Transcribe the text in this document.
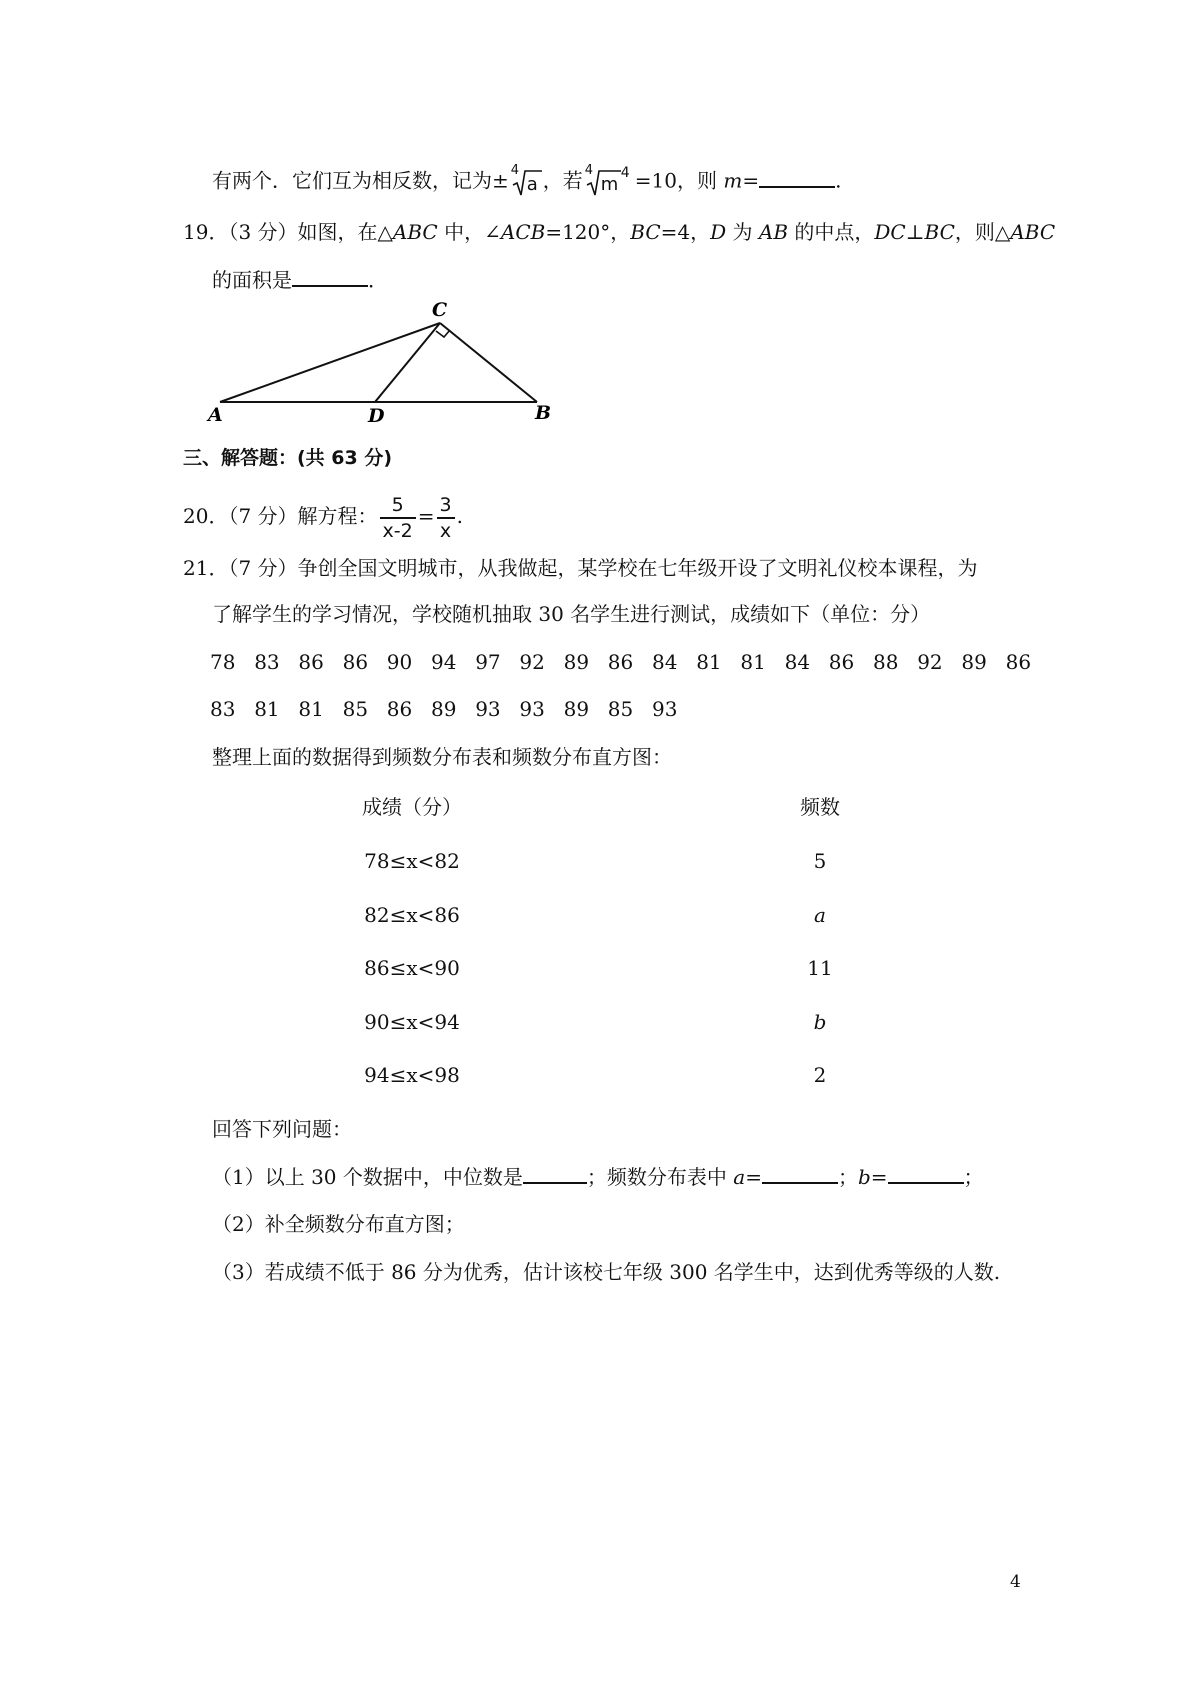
有两个．它们互为相反数，记为± 4
a ，若 4
m
4 =10，则 m=	.
19．（3 分）如图，在△ABC 中，∠ACB=120°，BC=4，D 为 AB 的中点，DC⊥BC，则△ABC
的面积是	．
C
A	D	B
三、解答题：(共 63 分)
20．（7 分）解方程： $\frac{5}{x-2} = \frac{3}{x}$ .
21．（7 分）争创全国文明城市，从我做起，某学校在七年级开设了文明礼仪校本课程，为
了解学生的学习情况，学校随机抽取 30 名学生进行测试，成绩如下（单位：分）
78 83 86 86 90 94 97 92 89 86 84 81 81 84 86 88 92 89 86
83 81 81 85 86 89 93 93 89 85 93
整理上面的数据得到频数分布表和频数分布直方图：
成绩（分）	频数
78≤x<82	5
82≤x<86	a
86≤x<90	11
90≤x<94	b
94≤x<98	2
回答下列问题：
（1）以上 30 个数据中，中位数是	；频数分布表中 a=	；b=	；
（2）补全频数分布直方图；
（3）若成绩不低于 86 分为优秀，估计该校七年级 300 名学生中，达到优秀等级的人数.
4
